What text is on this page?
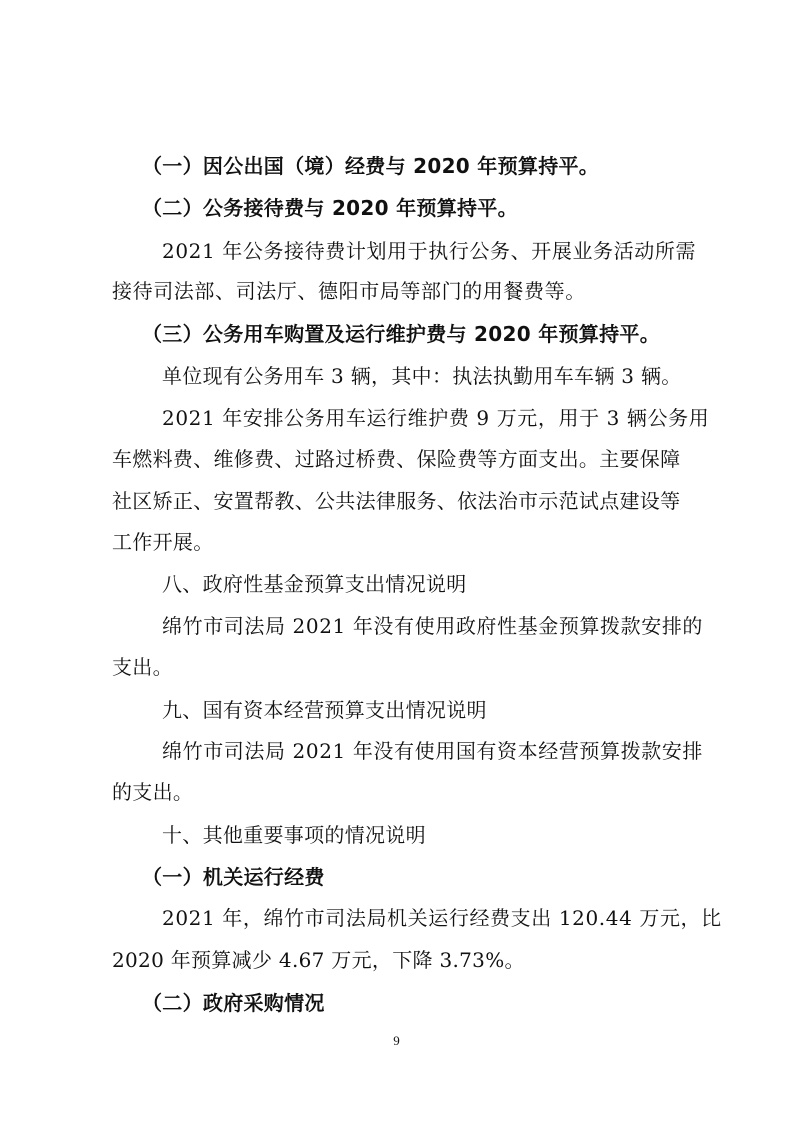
（一）因公出国（境）经费与 2020 年预算持平。
（二）公务接待费与 2020 年预算持平。
2021 年公务接待费计划用于执行公务、开展业务活动所需
接待司法部、司法厅、德阳市局等部门的用餐费等。
（三）公务用车购置及运行维护费与 2020 年预算持平。
单位现有公务用车 3 辆，其中：执法执勤用车车辆 3 辆。
2021 年安排公务用车运行维护费 9 万元，用于 3 辆公务用
车燃料费、维修费、过路过桥费、保险费等方面支出。主要保障
社区矫正、安置帮教、公共法律服务、依法治市示范试点建设等
工作开展。
八、政府性基金预算支出情况说明
绵竹市司法局 2021 年没有使用政府性基金预算拨款安排的
支出。
九、国有资本经营预算支出情况说明
绵竹市司法局 2021 年没有使用国有资本经营预算拨款安排
的支出。
十、其他重要事项的情况说明
（一）机关运行经费
2021 年，绵竹市司法局机关运行经费支出 120.44 万元，比
2020 年预算减少 4.67 万元，下降 3.73%。
（二）政府采购情况
9
